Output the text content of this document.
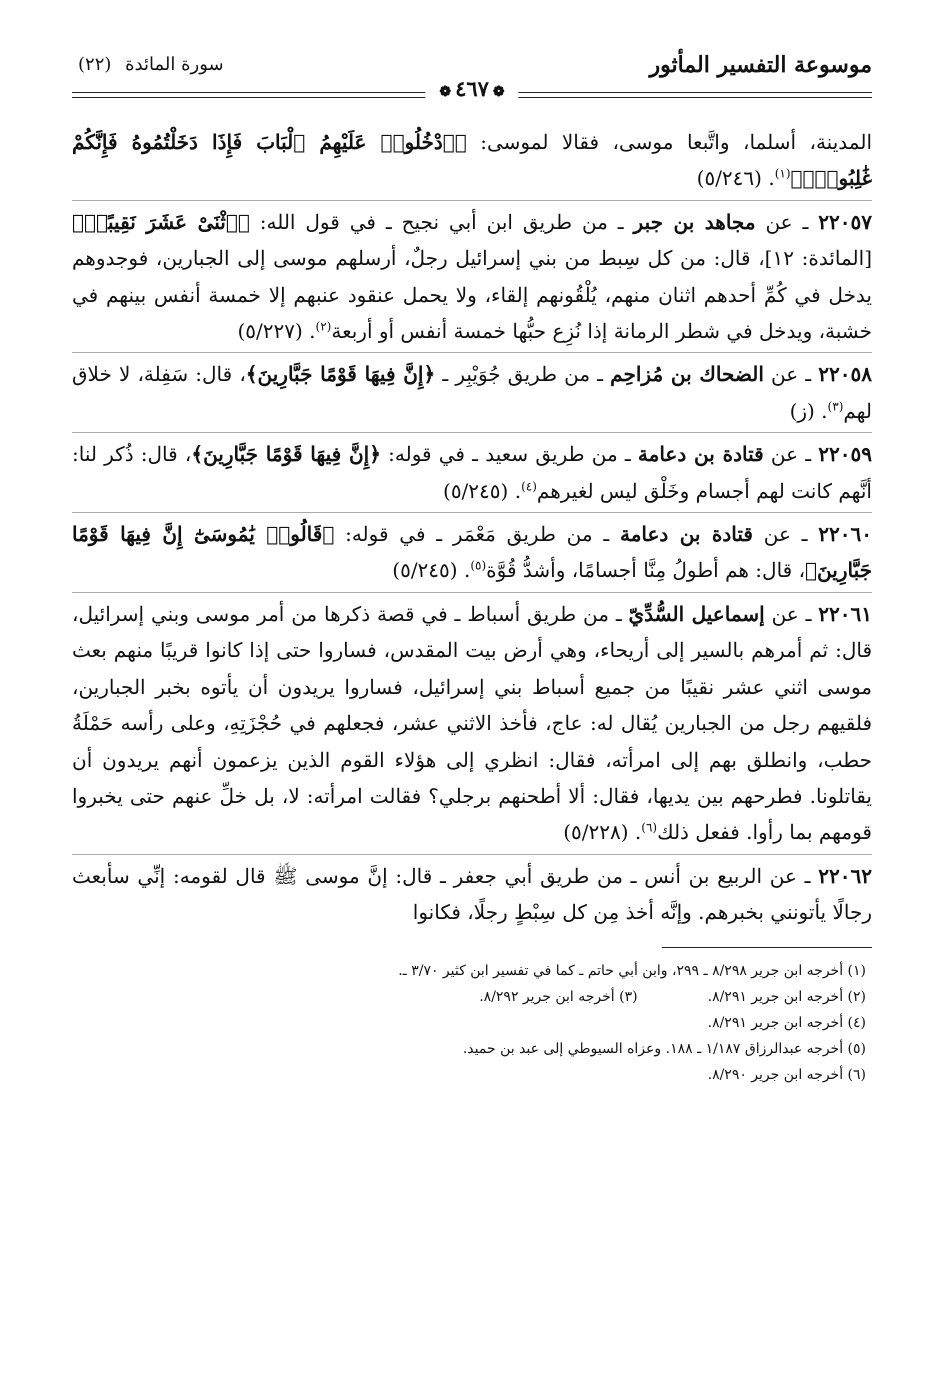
موسوعة التفسير المأثور
سورة المائدة (٢٢)
❁٤٦٧❁

المدينة، أسلما، واتَّبعا موسى، فقالا لموسى: ﴿ٱدْخُلُوا۟ عَلَيْهِمُ ٱلْبَابَ فَإِذَا دَخَلْتُمُوهُ فَإِنَّكُمْ غَٰلِبُونَۚ﴾$^{(١)}$. (٥/٢٤٦)

٢٢٠٥٧ ـ عن مجاهد بن جبر ـ من طريق ابن أبي نجيح ـ في قول الله: ﴿ٱثْنَىْ عَشَرَ نَقِيبًاۖ﴾ [المائدة: ١٢]، قال: من كل سِبط من بني إسرائيل رجلٌ، أرسلهم موسى إلى الجبارين، فوجدوهم يدخل في كُمِّ أحدهم اثنان منهم، يُلْقُونهم إلقاء، ولا يحمل عنقود عنبهم إلا خمسة أنفس بينهم في خشبة، ويدخل في شطر الرمانة إذا نُزِع حبُّها خمسة أنفس أو أربعة$^{(٢)}$. (٥/٢٢٧)

٢٢٠٥٨ ـ عن الضحاك بن مُزاحِم ـ من طريق جُوَيْبِر ـ ﴿إِنَّ فِيهَا قَوْمًا جَبَّارِينَ﴾، قال: سَفِلة، لا خلاق لهم$^{(٣)}$. (ز)

٢٢٠٥٩ ـ عن قتادة بن دعامة ـ من طريق سعيد ـ في قوله: ﴿إِنَّ فِيهَا قَوْمًا جَبَّارِينَ﴾، قال: ذُكر لنا: أنَّهم كانت لهم أجسام وخَلْق ليس لغيرهم$^{(٤)}$. (٥/٢٤٥)

٢٢٠٦٠ ـ عن قتادة بن دعامة ـ من طريق مَعْمَر ـ في قوله: ﴿قَالُوا۟ يَٰمُوسَىٰٓ إِنَّ فِيهَا قَوْمًا جَبَّارِينَ﴾، قال: هم أطولُ مِنَّا أجسامًا، وأشدُّ قُوَّة$^{(٥)}$. (٥/٢٤٥)

٢٢٠٦١ ـ عن إسماعيل السُّدِّيّ ـ من طريق أسباط ـ في قصة ذكرها من أمر موسى وبني إسرائيل، قال: ثم أمرهم بالسير إلى أريحاء، وهي أرض بيت المقدس، فساروا حتى إذا كانوا قريبًا منهم بعث موسى اثني عشر نقيبًا من جميع أسباط بني إسرائيل، فساروا يريدون أن يأتوه بخبر الجبارين، فلقيهم رجل من الجبارين يُقال له: عاج، فأخذ الاثني عشر، فجعلهم في حُجْزَتِهِ، وعلى رأسه حَمْلَةُ حطب، وانطلق بهم إلى امرأته، فقال: انظري إلى هؤلاء القوم الذين يزعمون أنهم يريدون أن يقاتلونا. فطرحهم بين يديها، فقال: ألا أطحنهم برجلي؟ فقالت امرأته: لا، بل خلِّ عنهم حتى يخبروا قومهم بما رأوا. ففعل ذلك$^{(٦)}$. (٥/٢٢٨)

٢٢٠٦٢ ـ عن الربيع بن أنس ـ من طريق أبي جعفر ـ قال: إنَّ موسى ﷺ قال لقومه: إنِّي سأبعث رجالًا يأتونني بخبرهم. وإنَّه أخذ مِن كل سِبْطٍ رجلًا، فكانوا

(١) أخرجه ابن جرير ٨/٢٩٨ ـ ٢٩٩، وابن أبي حاتم ـ كما في تفسير ابن كثير ٣/٧٠ ـ.
(٢) أخرجه ابن جرير ٨/٢٩١.
(٣) أخرجه ابن جرير ٨/٢٩٢.
(٤) أخرجه ابن جرير ٨/٢٩١.
(٥) أخرجه عبدالرزاق ١/١٨٧ ـ ١٨٨. وعزاه السيوطي إلى عبد بن حميد.
(٦) أخرجه ابن جرير ٨/٢٩٠.
